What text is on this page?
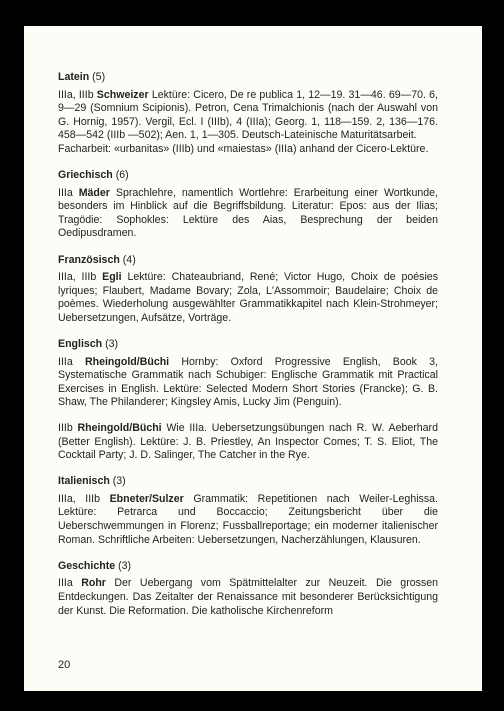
Latein (5)
IIIa, IIIb Schweizer Lektüre: Cicero, De re publica 1, 12—19. 31—46. 69—70. 6, 9—29 (Somnium Scipionis). Petron, Cena Trimalchionis (nach der Auswahl von G. Hornig, 1957). Vergil, Ecl. I (IIIb), 4 (IIIa); Georg. 1, 118—159. 2, 136—176. 458—542 (IIIb —502); Aen. 1, 1—305. Deutsch-Lateinische Maturitätsarbeit.
Facharbeit: «urbanitas» (IIIb) und «maiestas» (IIIa) anhand der Cicero-Lektüre.
Griechisch (6)
IIIa Mäder Sprachlehre, namentlich Wortlehre: Erarbeitung einer Wortkunde, besonders im Hinblick auf die Begriffsbildung. Literatur: Epos: aus der Ilias; Tragödie: Sophokles: Lektüre des Aias, Besprechung der beiden Oedipusdramen.
Französisch (4)
IIIa, IIIb Egli Lektüre: Chateaubriand, René; Victor Hugo, Choix de poésies lyriques; Flaubert, Madame Bovary; Zola, L'Assommoir; Baudelaire; Choix de poèmes. Wiederholung ausgewählter Grammatikkapitel nach Klein-Strohmeyer; Uebersetzungen, Aufsätze, Vorträge.
Englisch (3)
IIIa Rheingold/Büchi Hornby: Oxford Progressive English, Book 3, Systematische Grammatik nach Schubiger: Englische Grammatik mit Practical Exercises in English. Lektüre: Selected Modern Short Stories (Francke); G. B. Shaw, The Philanderer; Kingsley Amis, Lucky Jim (Penguin).
IIIb Rheingold/Büchi Wie IIIa. Uebersetzungsübungen nach R. W. Aeberhard (Better English). Lektüre: J. B. Priestley, An Inspector Comes; T. S. Eliot, The Cocktail Party; J. D. Salinger, The Catcher in the Rye.
Italienisch (3)
IIIa, IIIb Ebneter/Sulzer Grammatik: Repetitionen nach Weiler-Leghissa. Lektüre: Petrarca und Boccaccio; Zeitungsbericht über die Ueberschwemmungen in Florenz; Fussballreportage; ein moderner italienischer Roman. Schriftliche Arbeiten: Uebersetzungen, Nacherzählungen, Klausuren.
Geschichte (3)
IIIa Rohr Der Uebergang vom Spätmittelalter zur Neuzeit. Die grossen Entdeckungen. Das Zeitalter der Renaissance mit besonderer Berücksichtigung der Kunst. Die Reformation. Die katholische Kirchenreform
20
